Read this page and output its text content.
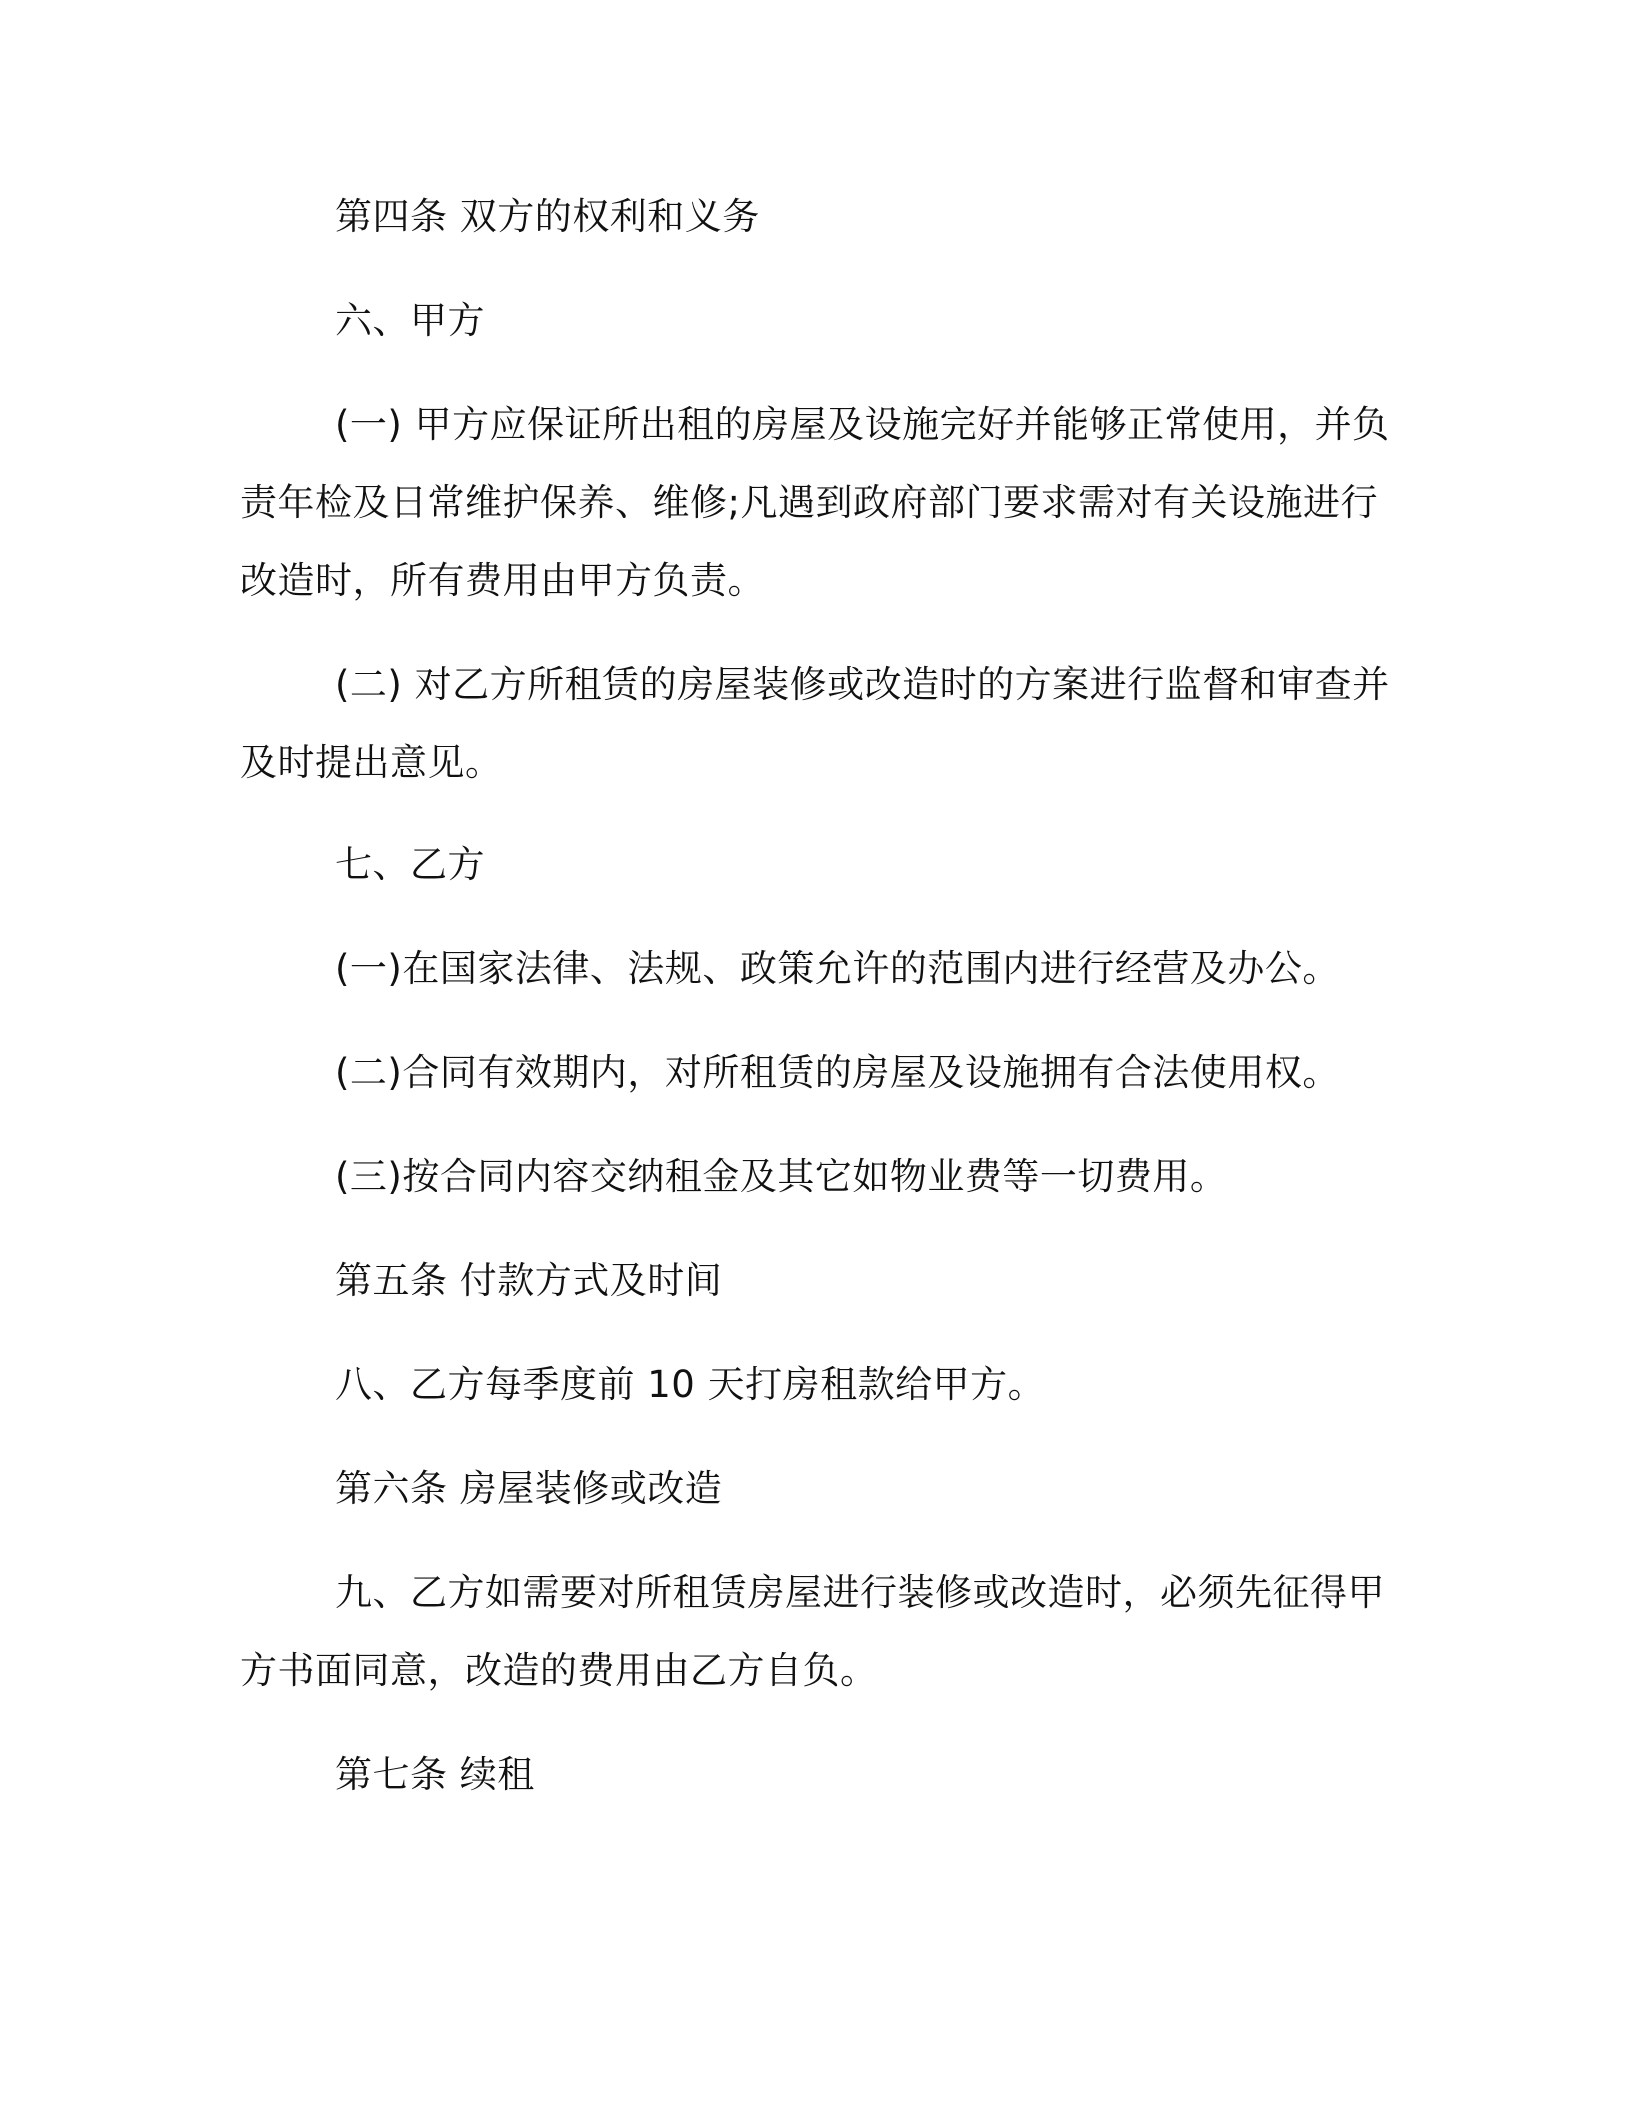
第四条 双方的权利和义务
六、甲方
(一) 甲方应保证所出租的房屋及设施完好并能够正常使用，并负责年检及日常维护保养、维修;凡遇到政府部门要求需对有关设施进行改造时，所有费用由甲方负责。
(二) 对乙方所租赁的房屋装修或改造时的方案进行监督和审查并及时提出意见。
七、乙方
(一)在国家法律、法规、政策允许的范围内进行经营及办公。
(二)合同有效期内，对所租赁的房屋及设施拥有合法使用权。
(三)按合同内容交纳租金及其它如物业费等一切费用。
第五条 付款方式及时间
八、乙方每季度前 10 天打房租款给甲方。
第六条 房屋装修或改造
九、乙方如需要对所租赁房屋进行装修或改造时，必须先征得甲方书面同意，改造的费用由乙方自负。
第七条 续租
